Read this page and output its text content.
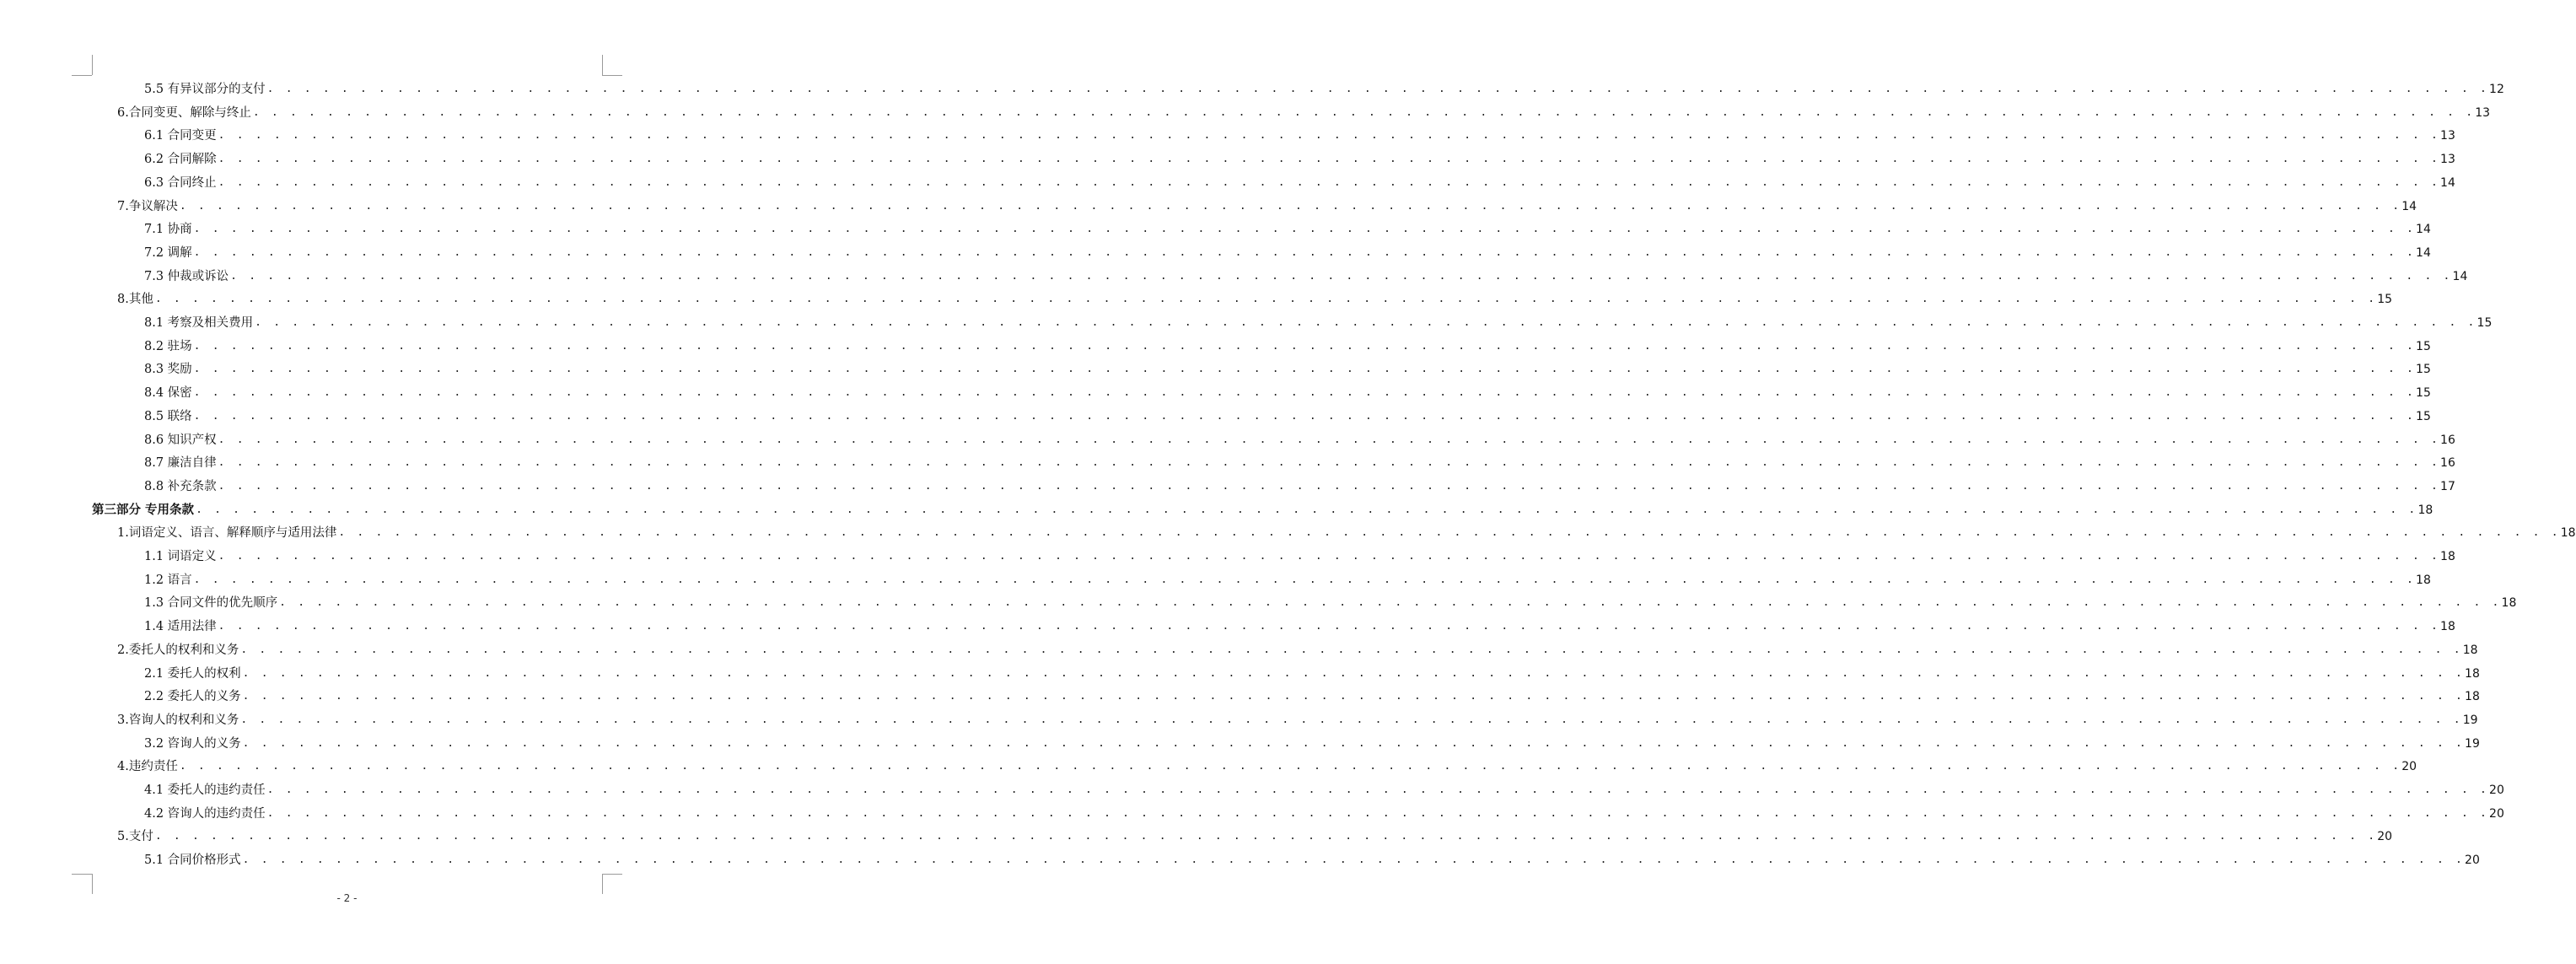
5.5 有异议部分的支付 . . . . . . . . . . . . . . . . . . . . . . . . . . . . . . . . . . . . . . . . . . . . . . . . . . . . . . . . . . . . . . . . . . . . . . . . . . . . . . . . . . . . . . . . . . . . . . . . . . . . . . . . . . . . . . . . . . . . . . . . 12
6.合同变更、解除与终止 . . . . . . . . . . . . . . . . . . . . . . . . . . . . . . . . . . . . . . . . . . . . . . . . . . . . . . . . . . . . . . . . . . . . . . . . . . . . . . . . . . . . . . . . . . . . . . . . . . . . . . . . . . . . . . . . . . . . . . . . 13
6.1 合同变更 . . . . . . . . . . . . . . . . . . . . . . . . . . . . . . . . . . . . . . . . . . . . . . . . . . . . . . . . . . . . . . . . . . . . . . . . . . . . . . . . . . . . . . . . . . . . . . . . . . . . . . . . . . . . . . . . . . . . . . . . 13
6.2 合同解除 . . . . . . . . . . . . . . . . . . . . . . . . . . . . . . . . . . . . . . . . . . . . . . . . . . . . . . . . . . . . . . . . . . . . . . . . . . . . . . . . . . . . . . . . . . . . . . . . . . . . . . . . . . . . . . . . . . . . . . . . 13
6.3 合同终止 . . . . . . . . . . . . . . . . . . . . . . . . . . . . . . . . . . . . . . . . . . . . . . . . . . . . . . . . . . . . . . . . . . . . . . . . . . . . . . . . . . . . . . . . . . . . . . . . . . . . . . . . . . . . . . . . . . . . . . . . 14
7.争议解决 . . . . . . . . . . . . . . . . . . . . . . . . . . . . . . . . . . . . . . . . . . . . . . . . . . . . . . . . . . . . . . . . . . . . . . . . . . . . . . . . . . . . . . . . . . . . . . . . . . . . . . . . . . . . . . . . . . . . . . . . 14
7.1 协商 . . . . . . . . . . . . . . . . . . . . . . . . . . . . . . . . . . . . . . . . . . . . . . . . . . . . . . . . . . . . . . . . . . . . . . . . . . . . . . . . . . . . . . . . . . . . . . . . . . . . . . . . . . . . . . . . . . . . . . . . 14
7.2 调解 . . . . . . . . . . . . . . . . . . . . . . . . . . . . . . . . . . . . . . . . . . . . . . . . . . . . . . . . . . . . . . . . . . . . . . . . . . . . . . . . . . . . . . . . . . . . . . . . . . . . . . . . . . . . . . . . . . . . . . . . 14
7.3 仲裁或诉讼 . . . . . . . . . . . . . . . . . . . . . . . . . . . . . . . . . . . . . . . . . . . . . . . . . . . . . . . . . . . . . . . . . . . . . . . . . . . . . . . . . . . . . . . . . . . . . . . . . . . . . . . . . . . . . . . . . . . . . . . . 14
8.其他 . . . . . . . . . . . . . . . . . . . . . . . . . . . . . . . . . . . . . . . . . . . . . . . . . . . . . . . . . . . . . . . . . . . . . . . . . . . . . . . . . . . . . . . . . . . . . . . . . . . . . . . . . . . . . . . . . . . . . . . . 15
8.1 考察及相关费用 . . . . . . . . . . . . . . . . . . . . . . . . . . . . . . . . . . . . . . . . . . . . . . . . . . . . . . . . . . . . . . . . . . . . . . . . . . . . . . . . . . . . . . . . . . . . . . . . . . . . . . . . . . . . . . . . . . . . . . . . 15
8.2 驻场 . . . . . . . . . . . . . . . . . . . . . . . . . . . . . . . . . . . . . . . . . . . . . . . . . . . . . . . . . . . . . . . . . . . . . . . . . . . . . . . . . . . . . . . . . . . . . . . . . . . . . . . . . . . . . . . . . . . . . . . . 15
8.3 奖励 . . . . . . . . . . . . . . . . . . . . . . . . . . . . . . . . . . . . . . . . . . . . . . . . . . . . . . . . . . . . . . . . . . . . . . . . . . . . . . . . . . . . . . . . . . . . . . . . . . . . . . . . . . . . . . . . . . . . . . . . 15
8.4 保密 . . . . . . . . . . . . . . . . . . . . . . . . . . . . . . . . . . . . . . . . . . . . . . . . . . . . . . . . . . . . . . . . . . . . . . . . . . . . . . . . . . . . . . . . . . . . . . . . . . . . . . . . . . . . . . . . . . . . . . . . 15
8.5 联络 . . . . . . . . . . . . . . . . . . . . . . . . . . . . . . . . . . . . . . . . . . . . . . . . . . . . . . . . . . . . . . . . . . . . . . . . . . . . . . . . . . . . . . . . . . . . . . . . . . . . . . . . . . . . . . . . . . . . . . . . 15
8.6 知识产权 . . . . . . . . . . . . . . . . . . . . . . . . . . . . . . . . . . . . . . . . . . . . . . . . . . . . . . . . . . . . . . . . . . . . . . . . . . . . . . . . . . . . . . . . . . . . . . . . . . . . . . . . . . . . . . . . . . . . . . . . 16
8.7 廉洁自律 . . . . . . . . . . . . . . . . . . . . . . . . . . . . . . . . . . . . . . . . . . . . . . . . . . . . . . . . . . . . . . . . . . . . . . . . . . . . . . . . . . . . . . . . . . . . . . . . . . . . . . . . . . . . . . . . . . . . . . . . 16
8.8 补充条款 . . . . . . . . . . . . . . . . . . . . . . . . . . . . . . . . . . . . . . . . . . . . . . . . . . . . . . . . . . . . . . . . . . . . . . . . . . . . . . . . . . . . . . . . . . . . . . . . . . . . . . . . . . . . . . . . . . . . . . . . 17
第三部分 专用条款 . . . . . . . . . . . . . . . . . . . . . . . . . . . . . . . . . . . . . . . . . . . . . . . . . . . . . . . . . . . . . . . . . . . . . . . . . . . . . . . . . . . . . . . . . . . . . . . . . . . . . . . . . . . . . . . . . . . . . . . . 18
1.词语定义、语言、解释顺序与适用法律 . . . . . . . . . . . . . . . . . . . . . . . . . . . . . . . . . . . . . . . . . . . . . . . . . . . . . . . . . . . . . . . . . . . . . . . . . . . . . . . . . . . . . . . . . . . . . . . . . . . . . . . . . . . . . . . . . . . . . . . . 18
1.1 词语定义 . . . . . . . . . . . . . . . . . . . . . . . . . . . . . . . . . . . . . . . . . . . . . . . . . . . . . . . . . . . . . . . . . . . . . . . . . . . . . . . . . . . . . . . . . . . . . . . . . . . . . . . . . . . . . . . . . . . . . . . . 18
1.2 语言 . . . . . . . . . . . . . . . . . . . . . . . . . . . . . . . . . . . . . . . . . . . . . . . . . . . . . . . . . . . . . . . . . . . . . . . . . . . . . . . . . . . . . . . . . . . . . . . . . . . . . . . . . . . . . . . . . . . . . . . . 18
1.3 合同文件的优先顺序 . . . . . . . . . . . . . . . . . . . . . . . . . . . . . . . . . . . . . . . . . . . . . . . . . . . . . . . . . . . . . . . . . . . . . . . . . . . . . . . . . . . . . . . . . . . . . . . . . . . . . . . . . . . . . . . . . . . . . . . . 18
1.4 适用法律 . . . . . . . . . . . . . . . . . . . . . . . . . . . . . . . . . . . . . . . . . . . . . . . . . . . . . . . . . . . . . . . . . . . . . . . . . . . . . . . . . . . . . . . . . . . . . . . . . . . . . . . . . . . . . . . . . . . . . . . . 18
2.委托人的权利和义务 . . . . . . . . . . . . . . . . . . . . . . . . . . . . . . . . . . . . . . . . . . . . . . . . . . . . . . . . . . . . . . . . . . . . . . . . . . . . . . . . . . . . . . . . . . . . . . . . . . . . . . . . . . . . . . . . . . . . . . . . 18
2.1 委托人的权利 . . . . . . . . . . . . . . . . . . . . . . . . . . . . . . . . . . . . . . . . . . . . . . . . . . . . . . . . . . . . . . . . . . . . . . . . . . . . . . . . . . . . . . . . . . . . . . . . . . . . . . . . . . . . . . . . . . . . . . . . 18
2.2 委托人的义务 . . . . . . . . . . . . . . . . . . . . . . . . . . . . . . . . . . . . . . . . . . . . . . . . . . . . . . . . . . . . . . . . . . . . . . . . . . . . . . . . . . . . . . . . . . . . . . . . . . . . . . . . . . . . . . . . . . . . . . . . 18
3.咨询人的权利和义务 . . . . . . . . . . . . . . . . . . . . . . . . . . . . . . . . . . . . . . . . . . . . . . . . . . . . . . . . . . . . . . . . . . . . . . . . . . . . . . . . . . . . . . . . . . . . . . . . . . . . . . . . . . . . . . . . . . . . . . . . 19
3.2 咨询人的义务 . . . . . . . . . . . . . . . . . . . . . . . . . . . . . . . . . . . . . . . . . . . . . . . . . . . . . . . . . . . . . . . . . . . . . . . . . . . . . . . . . . . . . . . . . . . . . . . . . . . . . . . . . . . . . . . . . . . . . . . . 19
4.违约责任 . . . . . . . . . . . . . . . . . . . . . . . . . . . . . . . . . . . . . . . . . . . . . . . . . . . . . . . . . . . . . . . . . . . . . . . . . . . . . . . . . . . . . . . . . . . . . . . . . . . . . . . . . . . . . . . . . . . . . . . . 20
4.1 委托人的违约责任 . . . . . . . . . . . . . . . . . . . . . . . . . . . . . . . . . . . . . . . . . . . . . . . . . . . . . . . . . . . . . . . . . . . . . . . . . . . . . . . . . . . . . . . . . . . . . . . . . . . . . . . . . . . . . . . . . . . . . . . . 20
4.2 咨询人的违约责任 . . . . . . . . . . . . . . . . . . . . . . . . . . . . . . . . . . . . . . . . . . . . . . . . . . . . . . . . . . . . . . . . . . . . . . . . . . . . . . . . . . . . . . . . . . . . . . . . . . . . . . . . . . . . . . . . . . . . . . . . 20
5.支付 . . . . . . . . . . . . . . . . . . . . . . . . . . . . . . . . . . . . . . . . . . . . . . . . . . . . . . . . . . . . . . . . . . . . . . . . . . . . . . . . . . . . . . . . . . . . . . . . . . . . . . . . . . . . . . . . . . . . . . . . 20
5.1 合同价格形式 . . . . . . . . . . . . . . . . . . . . . . . . . . . . . . . . . . . . . . . . . . . . . . . . . . . . . . . . . . . . . . . . . . . . . . . . . . . . . . . . . . . . . . . . . . . . . . . . . . . . . . . . . . . . . . . . . . . . . . . . 20
- 2 -
